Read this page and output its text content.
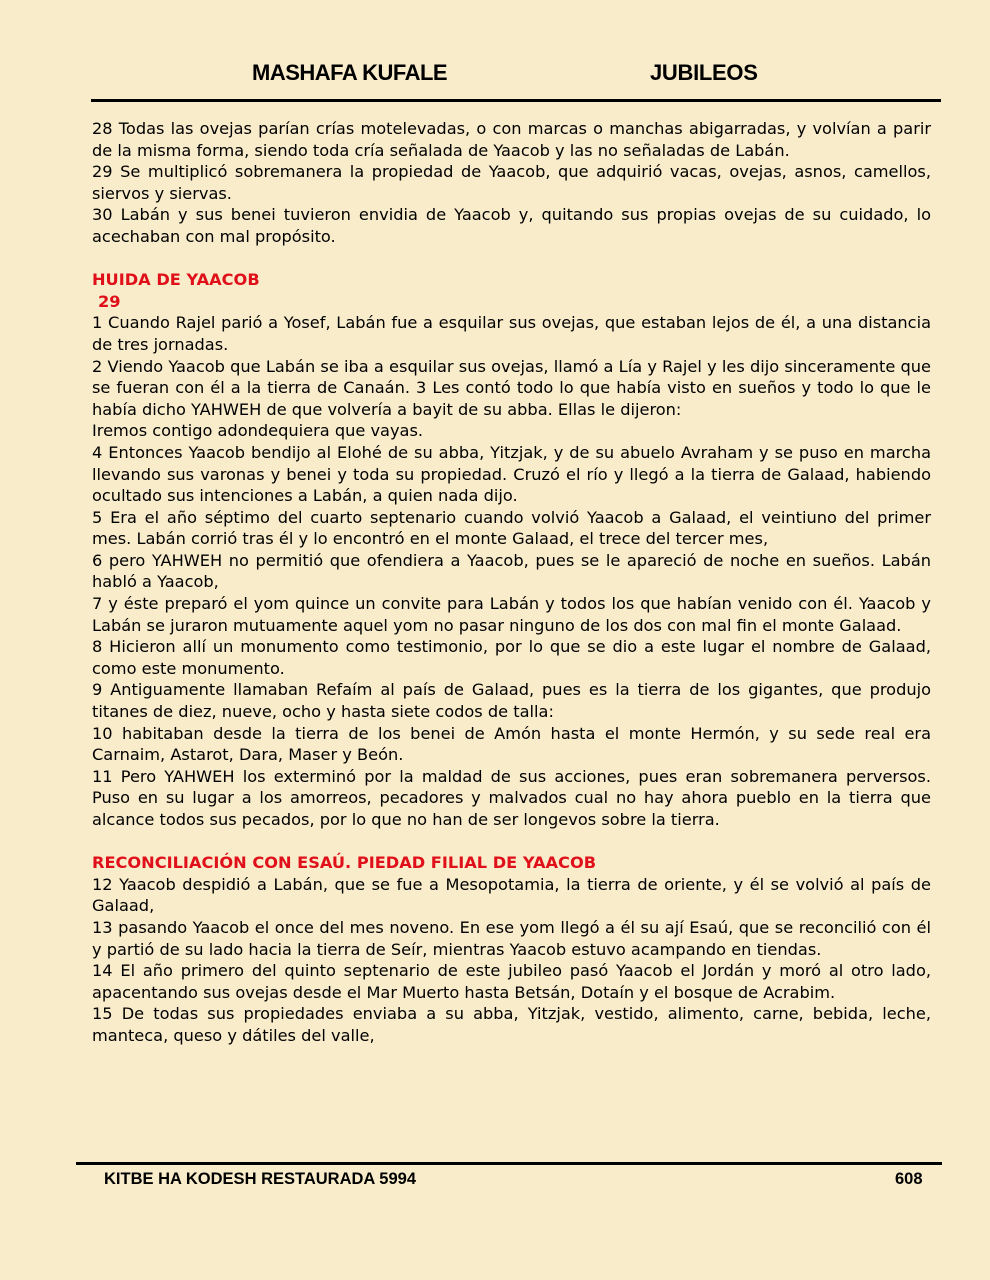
MASHAFA KUFALE	JUBILEOS

28 Todas las ovejas parían crías motelevadas, o con marcas o manchas abigarradas, y volvían a parir de la misma forma, siendo toda cría señalada de Yaacob y las no señaladas de Labán.

29 Se multiplicó sobremanera la propiedad de Yaacob, que adquirió vacas, ovejas, asnos, camellos, siervos y siervas.

30 Labán y sus benei tuvieron envidia de Yaacob y, quitando sus propias ovejas de su cuidado, lo acechaban con mal propósito.

HUIDA DE YAACOB

29

1 Cuando Rajel parió a Yosef, Labán fue a esquilar sus ovejas, que estaban lejos de él, a una distancia de tres jornadas.

2 Viendo Yaacob que Labán se iba a esquilar sus ovejas, llamó a Lía y Rajel y les dijo sinceramente que se fueran con él a la tierra de Canaán. 3 Les contó todo lo que había visto en sueños y todo lo que le había dicho YAHWEH de que volvería a bayit de su abba. Ellas le dijeron:

Iremos contigo adondequiera que vayas.

4 Entonces Yaacob bendijo al Elohé de su abba, Yitzjak, y de su abuelo Avraham y se puso en marcha llevando sus varonas y benei y toda su propiedad. Cruzó el río y llegó a la tierra de Galaad, habiendo ocultado sus intenciones a Labán, a quien nada dijo.

5 Era el año séptimo del cuarto septenario cuando volvió Yaacob a Galaad, el veintiuno del primer mes. Labán corrió tras él y lo encontró en el monte Galaad, el trece del tercer mes,

6 pero YAHWEH no permitió que ofendiera a Yaacob, pues se le apareció de noche en sueños. Labán habló a Yaacob,

7 y éste preparó el yom quince un convite para Labán y todos los que habían venido con él. Yaacob y Labán se juraron mutuamente aquel yom no pasar ninguno de los dos con mal fin el monte Galaad.

8 Hicieron allí un monumento como testimonio, por lo que se dio a este lugar el nombre de Galaad, como este monumento.

9 Antiguamente llamaban Refaím al país de Galaad, pues es la tierra de los gigantes, que produjo titanes de diez, nueve, ocho y hasta siete codos de talla:

10 habitaban desde la tierra de los benei de Amón hasta el monte Hermón, y su sede real era Carnaim, Astarot, Dara, Maser y Beón.

11 Pero YAHWEH los exterminó por la maldad de sus acciones, pues eran sobremanera perversos. Puso en su lugar a los amorreos, pecadores y malvados cual no hay ahora pueblo en la tierra que alcance todos sus pecados, por lo que no han de ser longevos sobre la tierra.

RECONCILIACIÓN CON ESAÚ. PIEDAD FILIAL DE YAACOB

12 Yaacob despidió a Labán, que se fue a Mesopotamia, la tierra de oriente, y él se volvió al país de Galaad,

13 pasando Yaacob el once del mes noveno. En ese yom llegó a él su ají Esaú, que se reconcilió con él y partió de su lado hacia la tierra de Seír, mientras Yaacob estuvo acampando en tiendas.

14 El año primero del quinto septenario de este jubileo pasó Yaacob el Jordán y moró al otro lado, apacentando sus ovejas desde el Mar Muerto hasta Betsán, Dotaín y el bosque de Acrabim.

15 De todas sus propiedades enviaba a su abba, Yitzjak, vestido, alimento, carne, bebida, leche, manteca, queso y dátiles del valle,

KITBE HA KODESH RESTAURADA 5994	608
